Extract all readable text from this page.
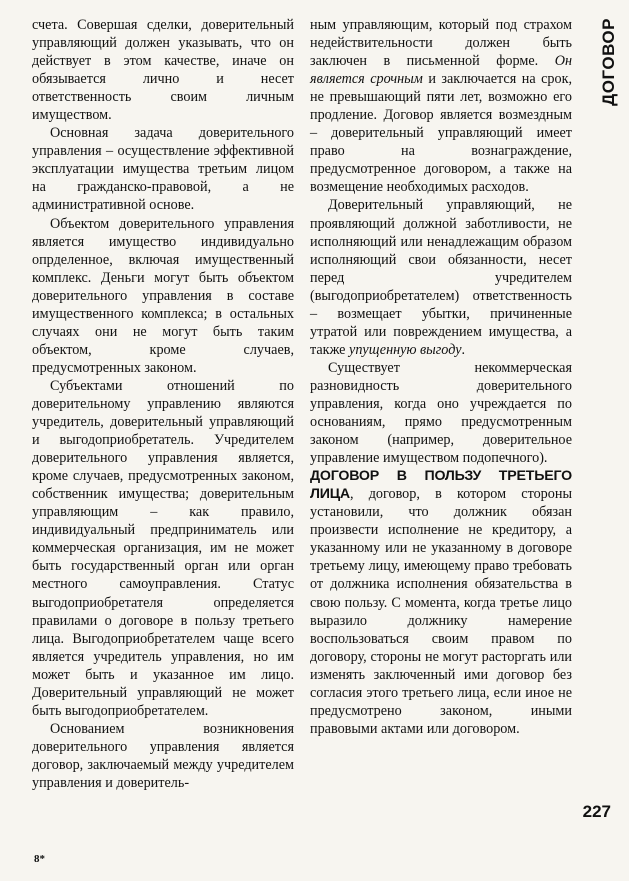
ДОГОВОР

счета. Совершая сделки, доверительный управляющий должен указывать, что он действует в этом качестве, иначе он обязывается лично и несет ответственность своим личным имуществом.

Основная задача доверительного управления – осуществление эффективной эксплуатации имущества третьим лицом на гражданско-правовой, а не административной основе.

Объектом доверительного управления является имущество индивидуально опрделенное, включая имущественный комплекс. Деньги могут быть объектом доверительного управления в составе имущественного комплекса; в остальных случаях они не могут быть таким объектом, кроме случаев, предусмотренных законом.

Субъектами отношений по доверительному управлению являются учредитель, доверительный управляющий и выгодоприобретатель. Учредителем доверительного управления является, кроме случаев, предусмотренных законом, собственник имущества; доверительным управляющим – как правило, индивидуальный предприниматель или коммерческая организация, им не может быть государственный орган или орган местного самоуправления. Статус выгодоприобретателя определяется правилами о договоре в пользу третьего лица. Выгодоприобретателем чаще всего является учредитель управления, но им может быть и указанное им лицо. Доверительный управляющий не может быть выгодоприобретателем.

Основанием возникновения доверительного управления является договор, заключаемый между учредителем управления и доверитель-

ным управляющим, который под страхом недействительности должен быть заключен в письменной форме. Он является срочным и заключается на срок, не превышающий пяти лет, возможно его продление. Договор является возмездным – доверительный управляющий имеет право на вознаграждение, предусмотренное договором, а также на возмещение необходимых расходов.

Доверительный управляющий, не проявляющий должной заботливости, не исполняющий или ненадлежащим образом исполняющий свои обязанности, несет перед учредителем (выгодоприобретателем) ответственность – возмещает убытки, причиненные утратой или повреждением имущества, а также упущенную выгоду.

Существует некоммерческая разновидность доверительного управления, когда оно учреждается по основаниям, прямо предусмотренным законом (например, доверительное управление имуществом подопечного).

ДОГОВОР В ПОЛЬЗУ ТРЕТЬЕГО ЛИЦА, договор, в котором стороны установили, что должник обязан произвести исполнение не кредитору, а указанному или не указанному в договоре третьему лицу, имеющему право требовать от должника исполнения обязательства в свою пользу. С момента, когда третье лицо выразило должнику намерение воспользоваться своим правом по договору, стороны не могут расторгать или изменять заключенный ими договор без согласия этого третьего лица, если иное не предусмотрено законом, иными правовыми актами или договором.

227
8*
